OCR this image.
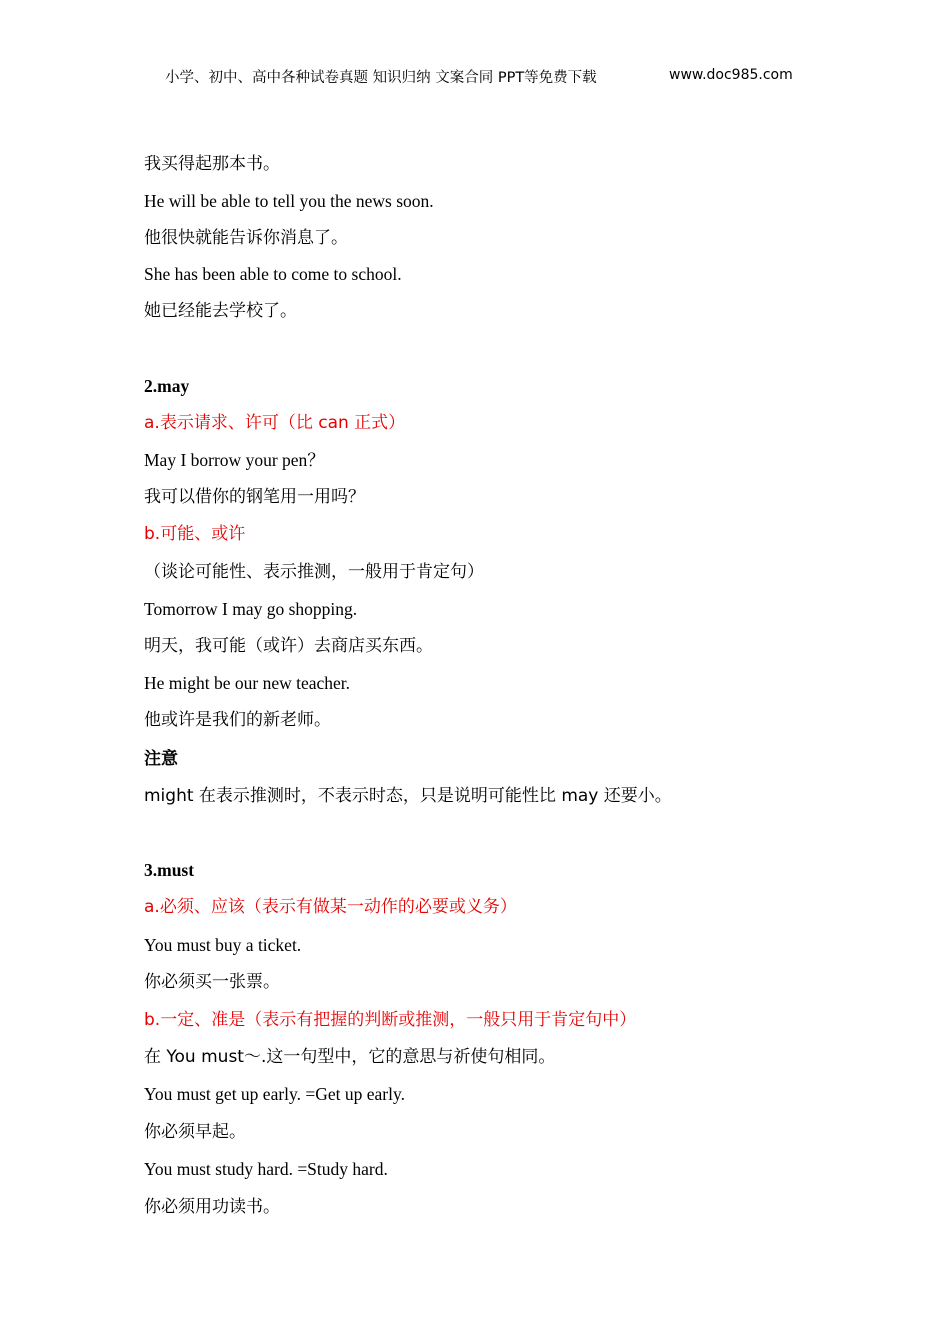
小学、初中、高中各种试卷真题 知识归纳 文案合同 PPT等免费下载	www.doc985.com
我买得起那本书。
He will be able to tell you the news soon.
他很快就能告诉你消息了。
She has been able to come to school.
她已经能去学校了。
2.may
a.表示请求、许可（比 can 正式）
May I borrow your pen？
我可以借你的钢笔用一用吗？
b.可能、或许
（谈论可能性、表示推测，一般用于肯定句）
Tomorrow I may go shopping.
明天，我可能（或许）去商店买东西。
He might be our new teacher.
他或许是我们的新老师。
注意
might 在表示推测时，不表示时态，只是说明可能性比 may 还要小。
3.must
a.必须、应该（表示有做某一动作的必要或义务）
You must buy a ticket.
你必须买一张票。
b.一定、准是（表示有把握的判断或推测，一般只用于肯定句中）
在 You must～.这一句型中，它的意思与祈使句相同。
You must get up early. =Get up early.
你必须早起。
You must study hard. =Study hard.
你必须用功读书。
